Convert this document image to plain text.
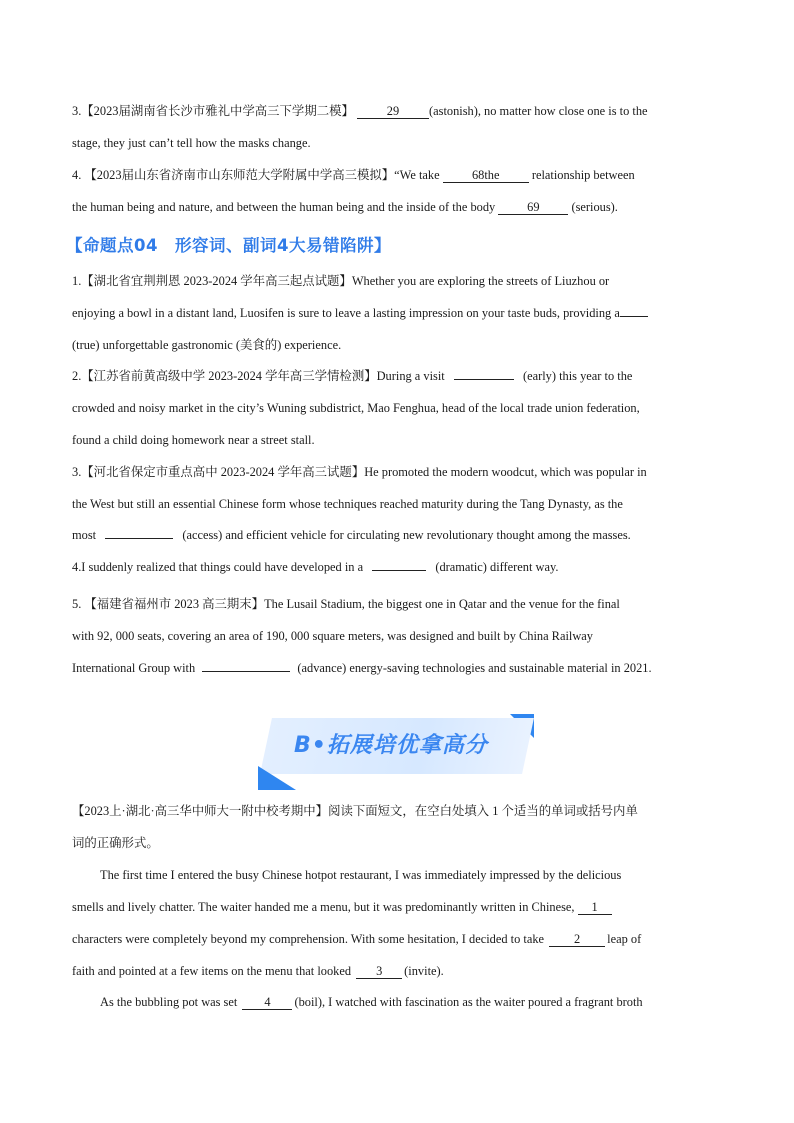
3.【2023届湖南省长沙市雅礼中学高三下学期二模】	29 (astonish), no matter how close one is to the
stage, they just can’t tell how the masks change.
4. 【2023届山东省济南市山东师范大学附属中学高三模拟】“We take	68the	relationship between
the human being and nature, and between the human being and the inside of the body	69	(serious).
【命题点04　形容词、副词4大易错陷阱】
1.【湖北省宜荆荆恩 2023-2024 学年高三起点试题】Whether you are exploring the streets of Liuzhou or
enjoying a bowl in a distant land, Luosifen is sure to leave a lasting impression on your taste buds, providing a
(true) unforgettable gastronomic (美食的) experience.
2.【江苏省前黄高级中学 2023-2024 学年高三学情检测】During a visit	(early) this year to the
crowded and noisy market in the city’s Wuning subdistrict, Mao Fenghua, head of the local trade union federation,
found a child doing homework near a street stall.
3.【河北省保定市重点高中 2023-2024 学年高三试题】He promoted the modern woodcut, which was popular in
the West but still an essential Chinese form whose techniques reached maturity during the Tang Dynasty, as the
most	(access) and efficient vehicle for circulating new revolutionary thought among the masses.
4.I suddenly realized that things could have developed in a	(dramatic) different way.
5. 【福建省福州市 2023 高三期末】The Lusail Stadium, the biggest one in Qatar and the venue for the final
with 92, 000 seats, covering an area of 190, 000 square meters, was designed and built by China Railway
International Group with	(advance) energy-saving technologies and sustainable material in 2021.
B•拓展培优拿高分
【2023上·湖北·高三华中师大一附中校考期中】阅读下面短文，在空白处填入 1 个适当的单词或括号内单
词的正确形式。
The first time I entered the busy Chinese hotpot restaurant, I was immediately impressed by the delicious
smells and lively chatter. The waiter handed me a menu, but it was predominantly written in Chinese, 1
characters were completely beyond my comprehension. With some hesitation, I decided to take 2 leap of
faith and pointed at a few items on the menu that looked 3 (invite).
As the bubbling pot was set 4 (boil), I watched with fascination as the waiter poured a fragrant broth
